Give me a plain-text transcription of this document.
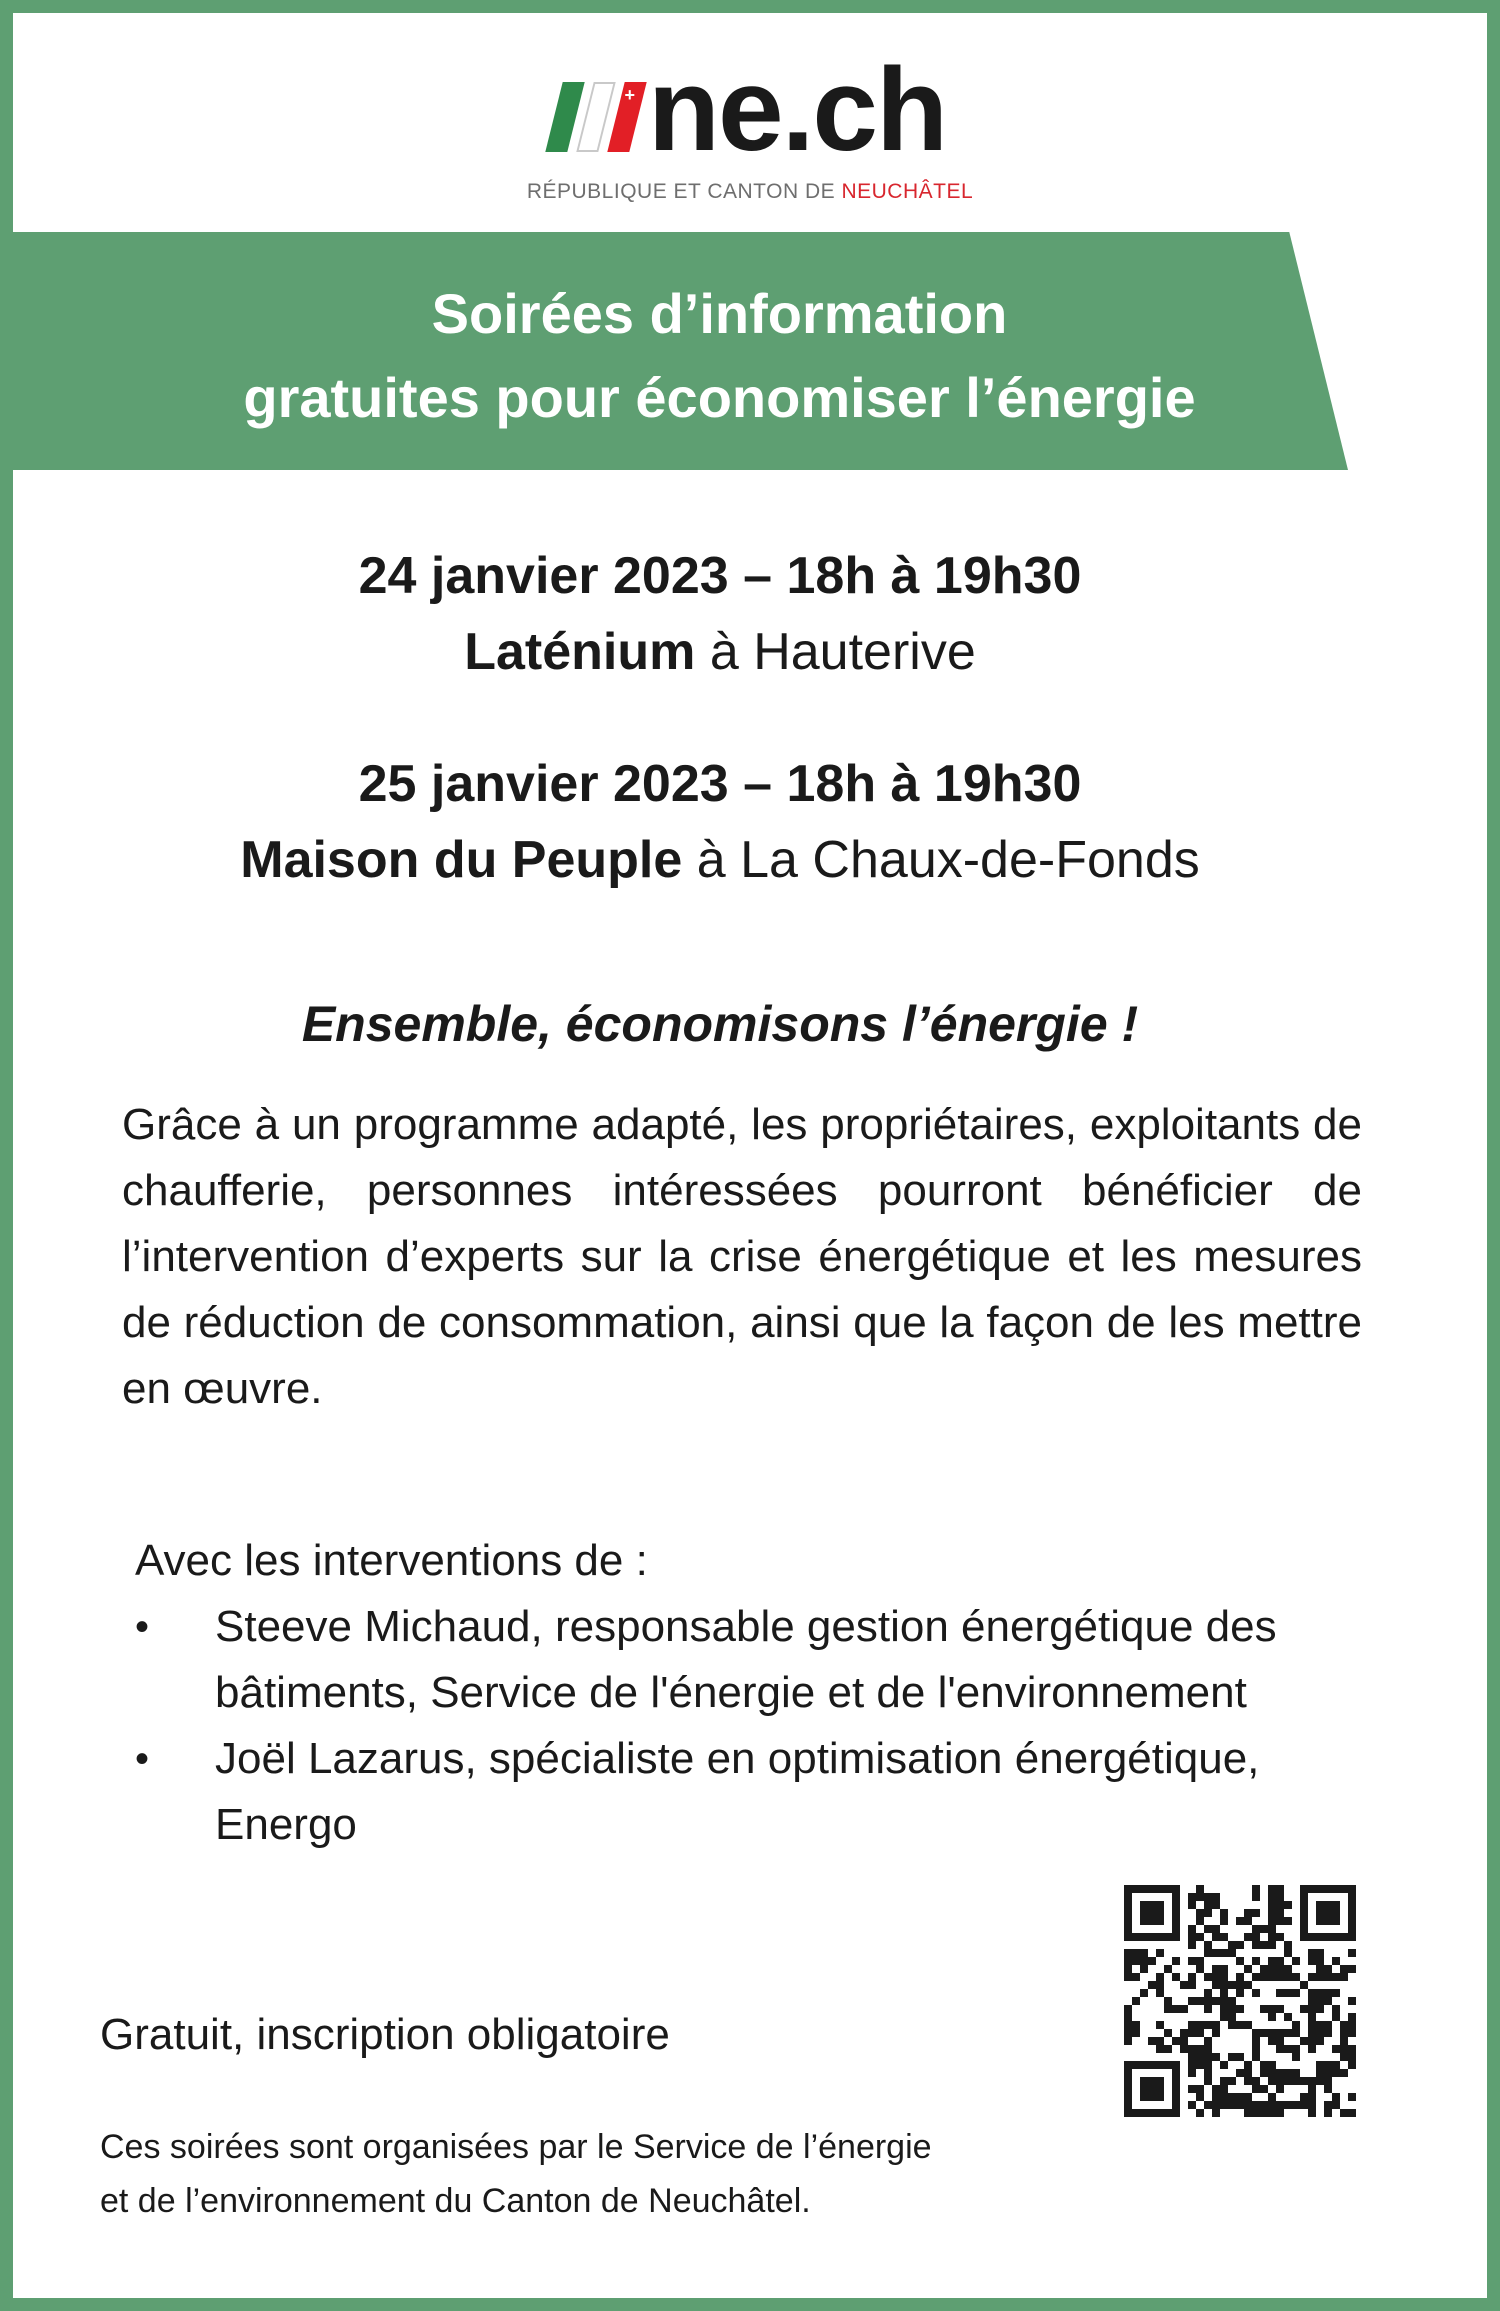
+ ne.ch
RÉPUBLIQUE ET CANTON DE NEUCHÂTEL
Soirées d’information
gratuites pour économiser l’énergie
24 janvier 2023 – 18h à 19h30
Laténium à Hauterive
25 janvier 2023 – 18h à 19h30
Maison du Peuple à La Chaux-de-Fonds
Ensemble, économisons l’énergie !
Grâce à un programme adapté, les propriétaires, exploitants de chaufferie, personnes intéressées pourront bénéficier de l’intervention d’experts sur la crise énergétique et les mesures de réduction de consommation, ainsi que la façon de les mettre en œuvre.
Avec les interventions de :
• Steeve Michaud, responsable gestion énergétique des bâtiments, Service de l'énergie et de l'environnement
• Joël Lazarus, spécialiste en optimisation énergétique, Energo
Gratuit, inscription obligatoire
Ces soirées sont organisées par le Service de l’énergie
et de l’environnement du Canton de Neuchâtel.
